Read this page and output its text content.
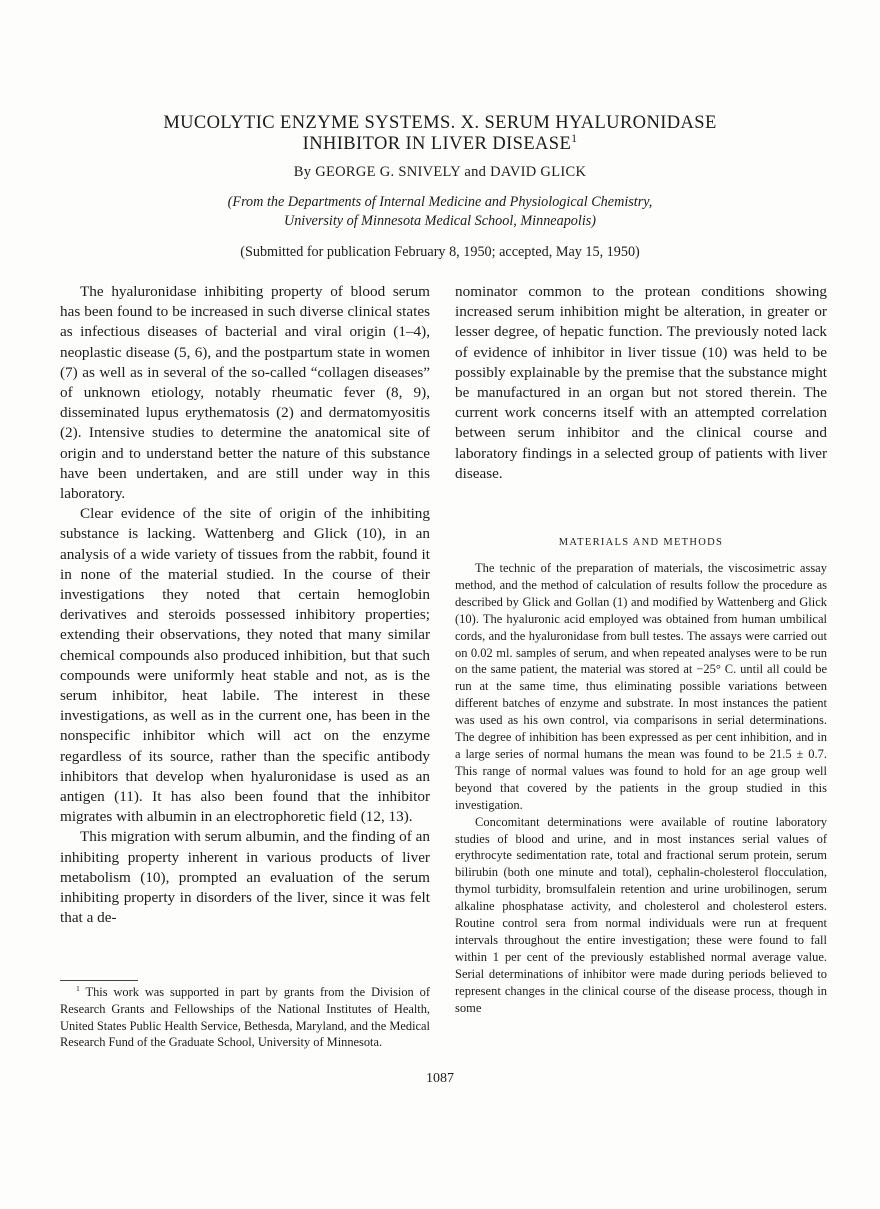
MUCOLYTIC ENZYME SYSTEMS. X. SERUM HYALURONIDASE
INHIBITOR IN LIVER DISEASE$^1$
By GEORGE G. SNIVELY and DAVID GLICK
(From the Departments of Internal Medicine and Physiological Chemistry,
University of Minnesota Medical School, Minneapolis)
(Submitted for publication February 8, 1950; accepted, May 15, 1950)

The hyaluronidase inhibiting property of blood serum has been found to be increased in such diverse clinical states as infectious diseases of bacterial and viral origin (1–4), neoplastic disease (5, 6), and the postpartum state in women (7) as well as in several of the so-called “collagen diseases” of unknown etiology, notably rheumatic fever (8, 9), disseminated lupus erythematosis (2) and dermatomyositis (2). Intensive studies to determine the anatomical site of origin and to understand better the nature of this substance have been undertaken, and are still under way in this laboratory.

Clear evidence of the site of origin of the inhibiting substance is lacking. Wattenberg and Glick (10), in an analysis of a wide variety of tissues from the rabbit, found it in none of the material studied. In the course of their investigations they noted that certain hemoglobin derivatives and steroids possessed inhibitory properties; extending their observations, they noted that many similar chemical compounds also produced inhibition, but that such compounds were uniformly heat stable and not, as is the serum inhibitor, heat labile. The interest in these investigations, as well as in the current one, has been in the nonspecific inhibitor which will act on the enzyme regardless of its source, rather than the specific antibody inhibitors that develop when hyaluronidase is used as an antigen (11). It has also been found that the inhibitor migrates with albumin in an electrophoretic field (12, 13).

This migration with serum albumin, and the finding of an inhibiting property inherent in various products of liver metabolism (10), prompted an evaluation of the serum inhibiting property in disorders of the liver, since it was felt that a de-

nominator common to the protean conditions showing increased serum inhibition might be alteration, in greater or lesser degree, of hepatic function. The previously noted lack of evidence of inhibitor in liver tissue (10) was held to be possibly explainable by the premise that the substance might be manufactured in an organ but not stored therein. The current work concerns itself with an attempted correlation between serum inhibitor and the clinical course and laboratory findings in a selected group of patients with liver disease.

MATERIALS AND METHODS

The technic of the preparation of materials, the viscosimetric assay method, and the method of calculation of results follow the procedure as described by Glick and Gollan (1) and modified by Wattenberg and Glick (10). The hyaluronic acid employed was obtained from human umbilical cords, and the hyaluronidase from bull testes. The assays were carried out on 0.02 ml. samples of serum, and when repeated analyses were to be run on the same patient, the material was stored at −25° C. until all could be run at the same time, thus eliminating possible variations between different batches of enzyme and substrate. In most instances the patient was used as his own control, via comparisons in serial determinations. The degree of inhibition has been expressed as per cent inhibition, and in a large series of normal humans the mean was found to be 21.5 ± 0.7. This range of normal values was found to hold for an age group well beyond that covered by the patients in the group studied in this investigation.

Concomitant determinations were available of routine laboratory studies of blood and urine, and in most instances serial values of erythrocyte sedimentation rate, total and fractional serum protein, serum bilirubin (both one minute and total), cephalin-cholesterol flocculation, thymol turbidity, bromsulfalein retention and urine urobilinogen, serum alkaline phosphatase activity, and cholesterol and cholesterol esters. Routine control sera from normal individuals were run at frequent intervals throughout the entire investigation; these were found to fall within 1 per cent of the previously established normal average value. Serial determinations of inhibitor were made during periods believed to represent changes in the clinical course of the disease process, though in some

$^1$ This work was supported in part by grants from the Division of Research Grants and Fellowships of the National Institutes of Health, United States Public Health Service, Bethesda, Maryland, and the Medical Research Fund of the Graduate School, University of Minnesota.
1087
